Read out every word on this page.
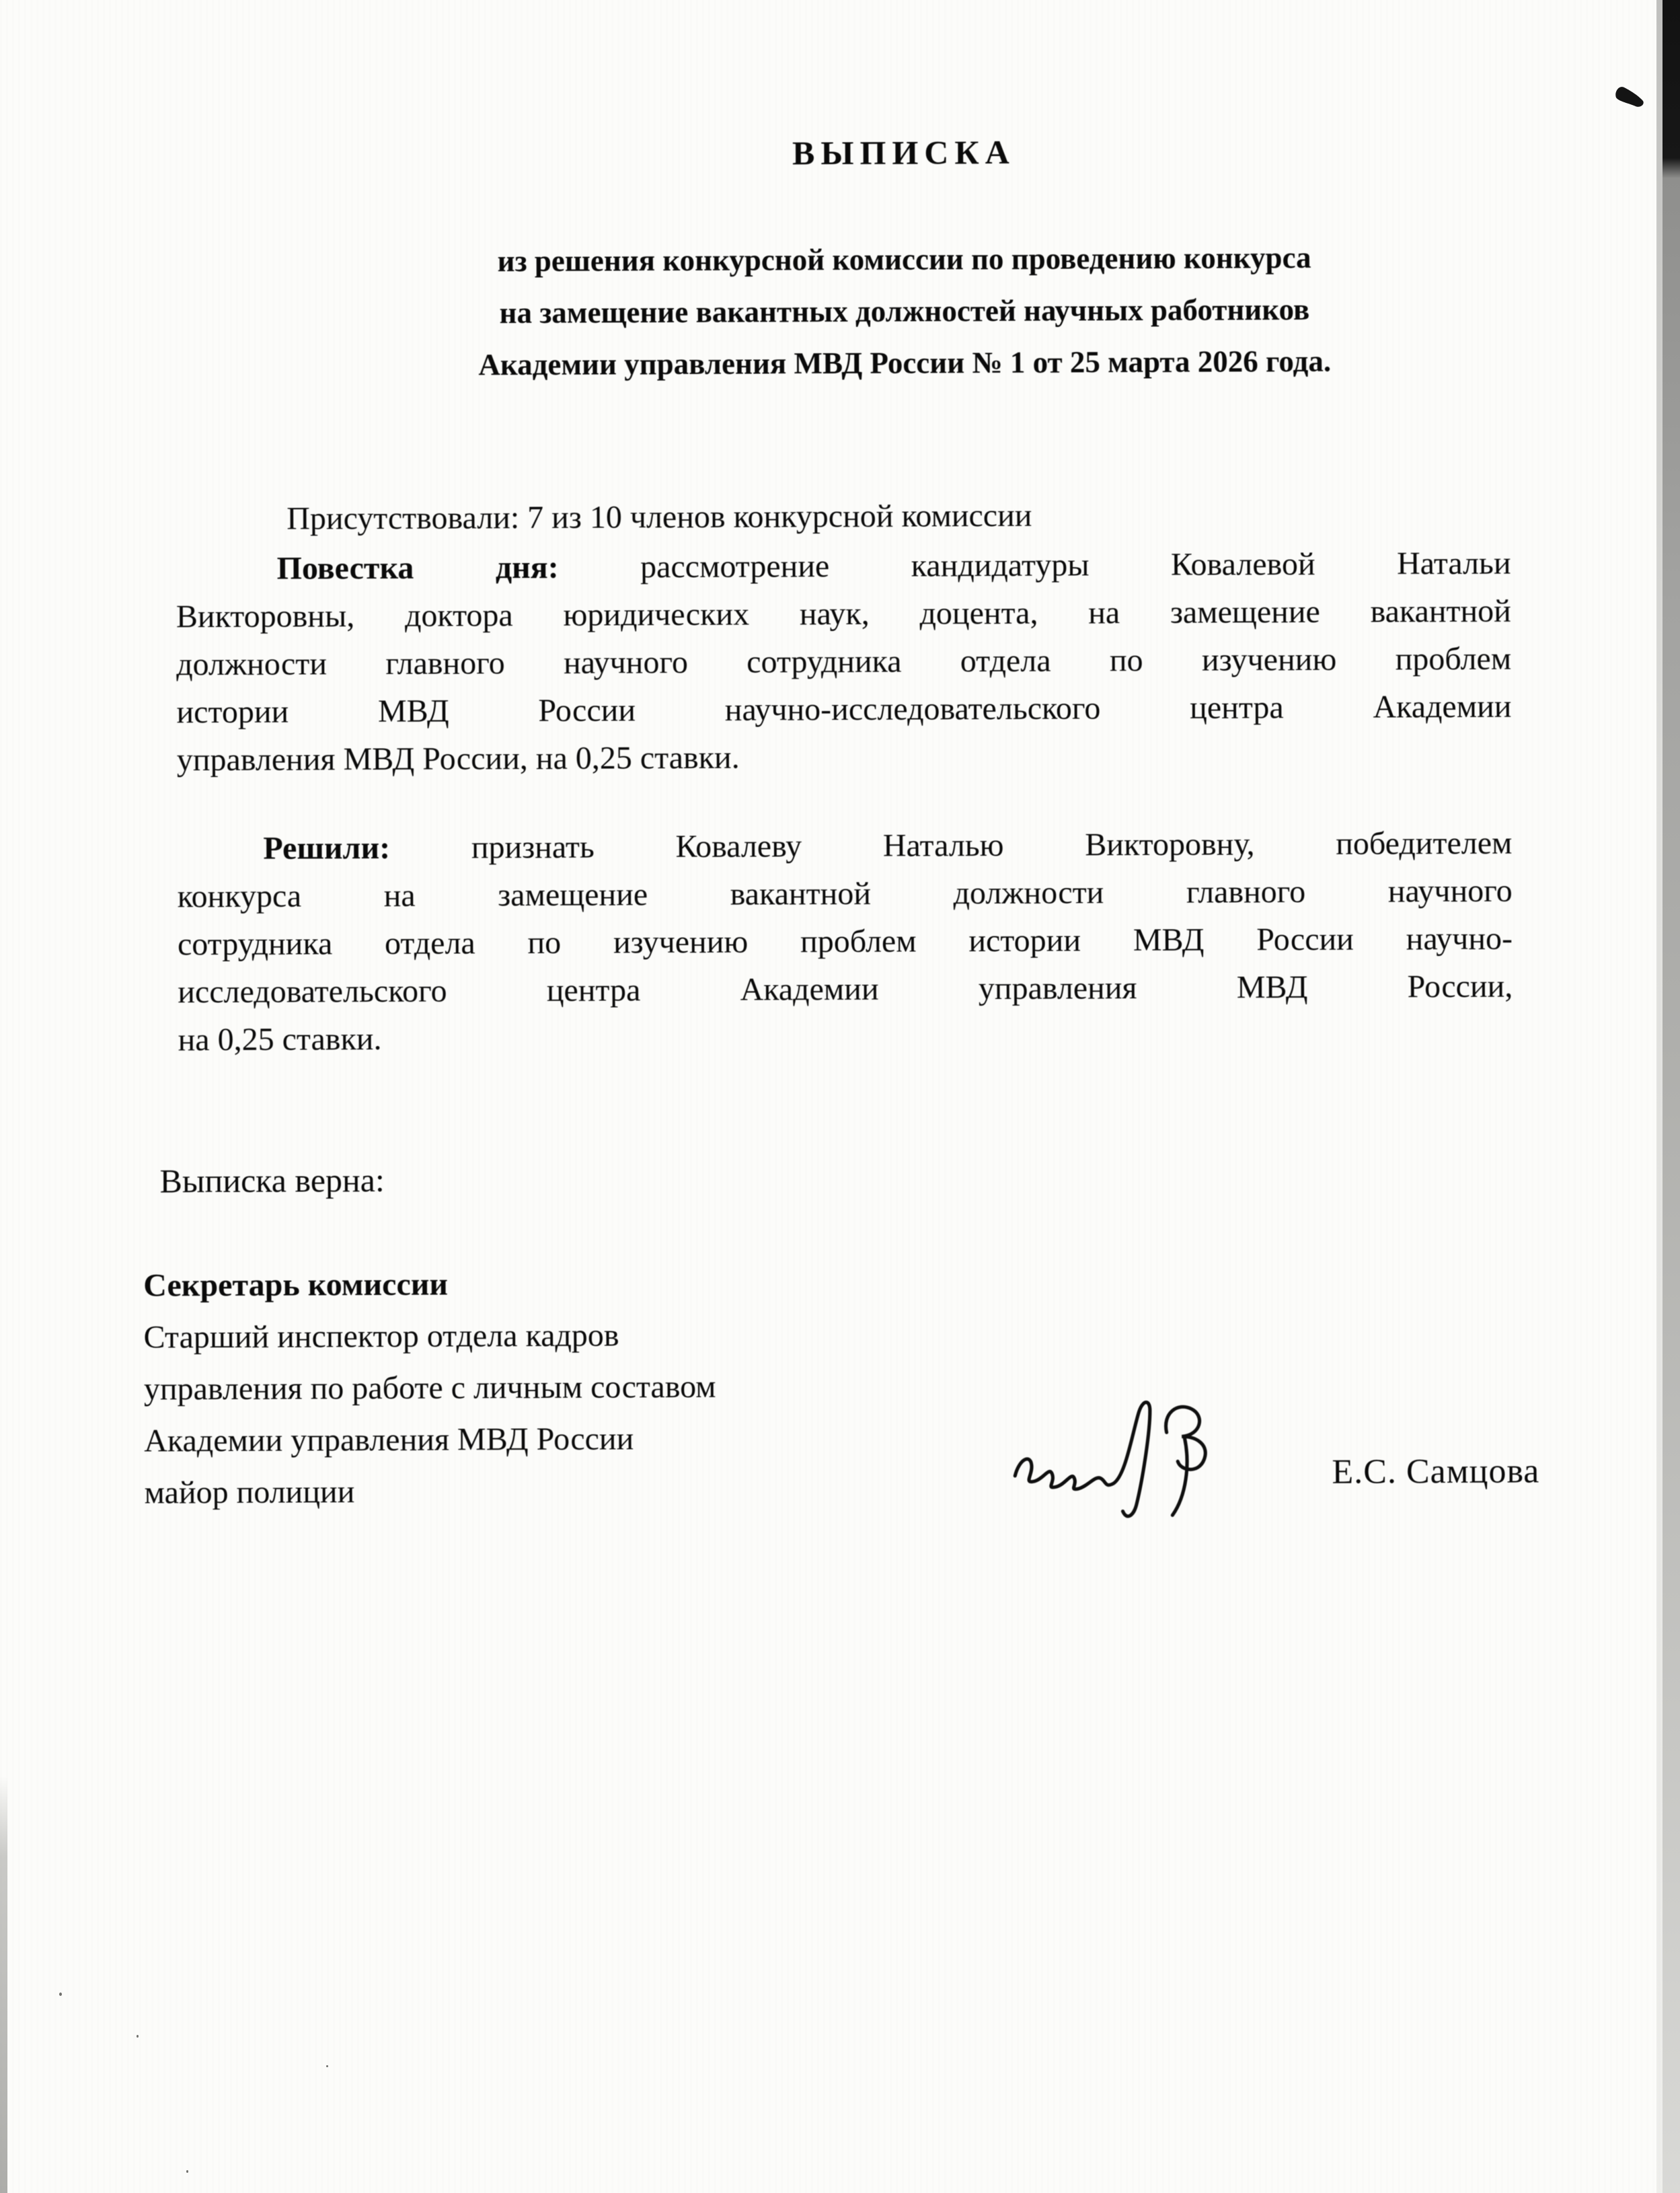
ВЫПИСКА
из решения конкурсной комиссии по проведению конкурса
на замещение вакантных должностей научных работников
Академии управления МВД России № 1 от 25 марта 2026 года.
Присутствовали: 7 из 10 членов конкурсной комиссии
Повестка дня:	рассмотрение кандидатуры Ковалевой Натальи
Викторовны, доктора юридических наук, доцента, на замещение вакантной
должности главного научного сотрудника отдела по изучению проблем
истории МВД России научно-исследовательского центра Академии
управления МВД России, на 0,25 ставки.
Решили:	признать Ковалеву Наталью Викторовну, победителем
конкурса на замещение вакантной должности главного научного
сотрудника отдела по изучению проблем истории МВД России научно-
исследовательского центра Академии управления МВД России,
на 0,25 ставки.
Выписка верна:
Секретарь комиссии
Старший инспектор отдела кадров
управления по работе с личным составом
Академии управления МВД России
майор полиции
Е.С. Самцова
